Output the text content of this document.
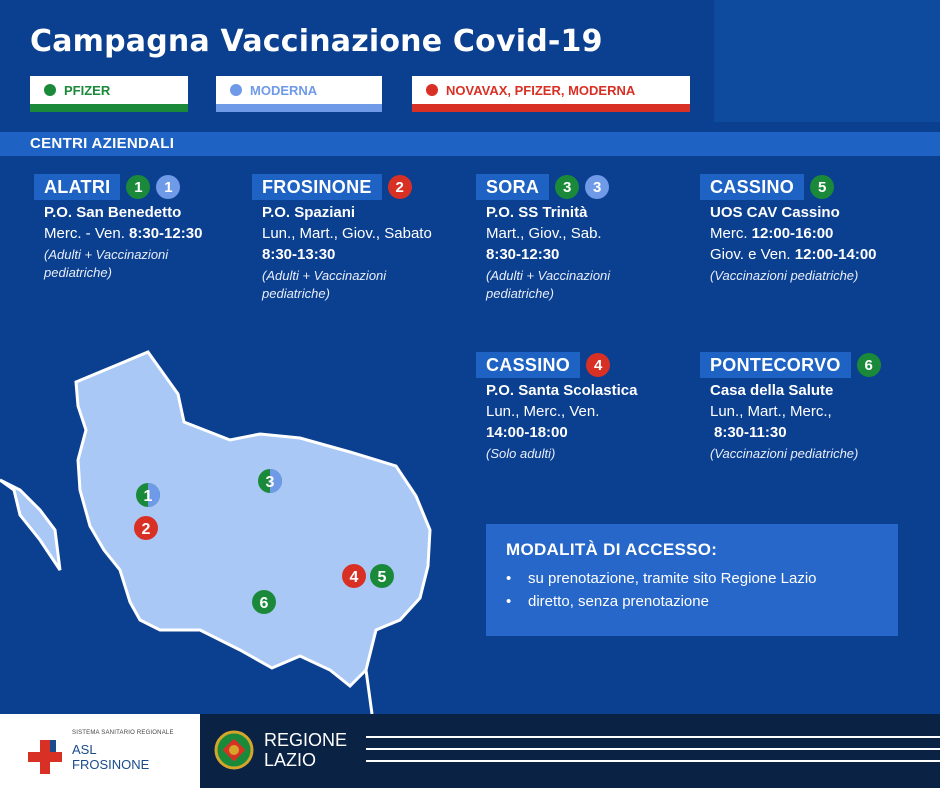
Campagna Vaccinazione Covid-19
PFIZER	MODERNA	NOVAVAX, PFIZER, MODERNA
CENTRI AZIENDALI
ALATRI	1	1
P.O. San Benedetto
Merc. - Ven. 8:30-12:30
(Adulti + Vaccinazioni pediatriche)
FROSINONE	2
P.O. Spaziani
Lun., Mart., Giov., Sabato
8:30-13:30
(Adulti + Vaccinazioni pediatriche)
SORA	3	3
P.O. SS Trinità
Mart., Giov., Sab.
8:30-12:30
(Adulti + Vaccinazioni pediatriche)
CASSINO	5
UOS CAV Cassino
Merc. 12:00-16:00
Giov. e Ven. 12:00-14:00
(Vaccinazioni pediatriche)
CASSINO	4
P.O. Santa Scolastica
Lun., Merc., Ven.
14:00-18:00
(Solo adulti)
PONTECORVO	6
Casa della Salute
Lun., Mart., Merc.,
8:30-11:30
(Vaccinazioni pediatriche)
1
2
3
4 5
6
MODALITÀ DI ACCESSO:
•	su prenotazione, tramite sito Regione Lazio
•	diretto, senza prenotazione
SISTEMA SANITARIO REGIONALE
ASL
FROSINONE
REGIONE
LAZIO
